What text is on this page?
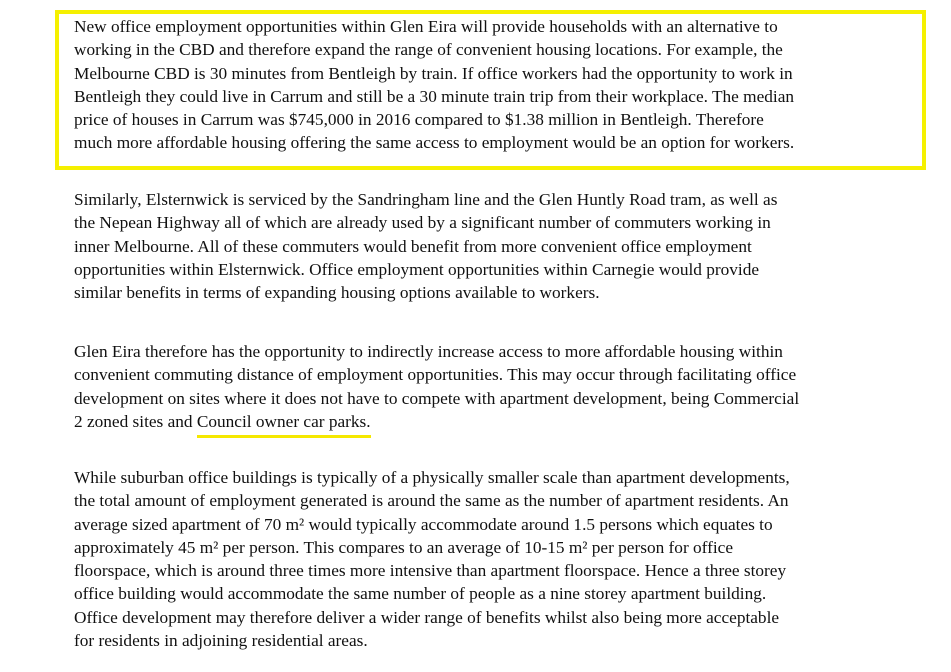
New office employment opportunities within Glen Eira will provide households with an alternative to
working in the CBD and therefore expand the range of convenient housing locations. For example, the
Melbourne CBD is 30 minutes from Bentleigh by train. If office workers had the opportunity to work in
Bentleigh they could live in Carrum and still be a 30 minute train trip from their workplace. The median
price of houses in Carrum was $745,000 in 2016 compared to $1.38 million in Bentleigh. Therefore
much more affordable housing offering the same access to employment would be an option for workers.

Similarly, Elsternwick is serviced by the Sandringham line and the Glen Huntly Road tram, as well as
the Nepean Highway all of which are already used by a significant number of commuters working in
inner Melbourne. All of these commuters would benefit from more convenient office employment
opportunities within Elsternwick. Office employment opportunities within Carnegie would provide
similar benefits in terms of expanding housing options available to workers.

Glen Eira therefore has the opportunity to indirectly increase access to more affordable housing within
convenient commuting distance of employment opportunities. This may occur through facilitating office
development on sites where it does not have to compete with apartment development, being Commercial
2 zoned sites and Council owner car parks.

While suburban office buildings is typically of a physically smaller scale than apartment developments,
the total amount of employment generated is around the same as the number of apartment residents. An
average sized apartment of 70 m² would typically accommodate around 1.5 persons which equates to
approximately 45 m² per person. This compares to an average of 10-15 m² per person for office
floorspace, which is around three times more intensive than apartment floorspace. Hence a three storey
office building would accommodate the same number of people as a nine storey apartment building.
Office development may therefore deliver a wider range of benefits whilst also being more acceptable
for residents in adjoining residential areas.
